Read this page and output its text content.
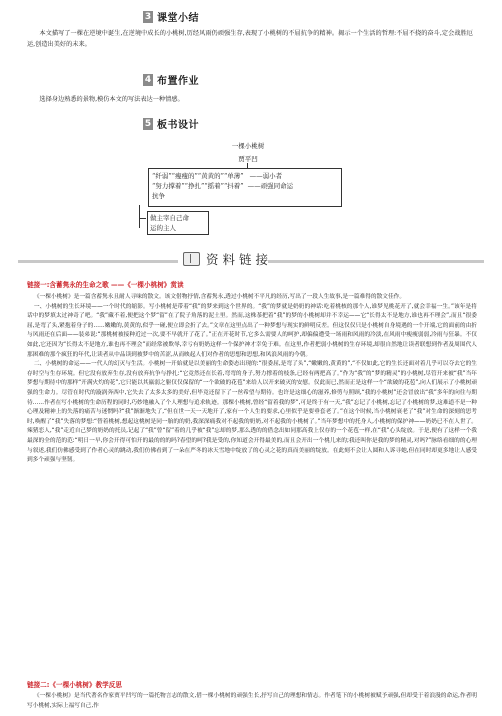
3 课堂小结
本文描写了一棵在逆境中诞生,在逆境中成长的小桃树,历经风雨仍顽强生存,表现了小桃树的不屈抗争的精神。揭示一个生活的哲理:不屈不挠的奋斗,定会战胜厄运,创造出美好的未来。
4 布置作业
选择身边熟悉的景物,模仿本文的写法表达一种情感。
5 板书设计
一棵小桃树
贾平凹
“纤弱”“瘦瘦的”“黄黄的”“单薄” ——弱小者
“努力撑着”“挣扎”“摇着”“抖着” ——顽强同命运
抗争
做主宰自己命
运的主人
资料链接
链接一:含蓄隽永的生命之歌 ——《一棵小桃树》赏读

《一棵小桃树》是一篇含蓄隽永且耐人寻味的散文。该文借物抒情,含蓄隽永,透过小桃树不平凡的经历,写出了一段人生故事,是一篇难得的散文佳作。

一、小桃树的生长环境——一个时代的缩影。写小桃树是带着“我”的梦来到这个世界的。“我”的梦就是奶奶的神话:吃着桃核的那个人,谁梦见桃花开了,就会幸福一生。”该年是将话中的梦填太过神奇了吧。“我”藏不着,便把这个梦“留”在了院子角落的泥土里。然而,这株茶把着“我”的梦的小桃树却并不幸运——它“长得太不是地方,谁也再不理会”,而且“很委屈,是弯了头,紧抱着身子的……嫩嫩的,黄黄的,似乎一碰,便立即会折了去。”文章在这里点出了一种梦想与现实的鲜明反差。但这仅仅只是小桃树自身境遇的一个开端,它的面前的由折与风雨还在后面——装弟说:“那桃树被接种近过一次,要不早就开了花了。”正在开花时节,它多么需要人的呵护,却偏偏遭受一场雨和风雨的冷淡,在风雨中瘦瘦弱弱,冷雨与狂暴。不仅如此,它还因为“长得太不是地方,谁也再不理会”而经常被欺辱,幸亏有奶奶这样一个保护神才幸免于难。在这里,作者把弱小桃树的生存环境,却很自然地让读者联想到作者及周围代人那困难的那个疯狂的年代,让读者从中品读到被梦中的苦涩,从而映起人们对作者的思想和思想,和风浪风雨的今朝。

二、小桃树的命运——一代人的幻灭与生活。小桃树一开始就是以美丽的生命姿态出现的:“很委屈,是弯了头”,“嫩嫩的,黄黄的”,“不仅如此,它的生长还面对着几乎可以夺去它的生存时空与生存环境。但它没有放弃生存,没有放弃抗争与挣扎:“它竟然还在长着,弯弯的身子,努力撑着的枝条,已经有两把高了。”作为“我”的“梦的精灵”的小桃树,尽管开来被“我”当年梦想与期待中的那样“开满火灼的花”,它只能以其羸弱之躯仅仅保留的“一个欲破的花苞”来给人以开来破灭的安慰。仅此而已,然而正是这样一个“欲破的花苞”,向人们展示了小桃树顽强的生命力。尽管在时代的漩涡奔西中,它失去了太多太多的美好,但毕竟还留下了一丝希望与期待。也许是这细心的滋养,修剪与照顾,“我的小桃树”还会冒放出“我”多年的向往与期待……作者在写小桃树的生命历程的同时,巧妙地融入了个人理想与追求轨迹。那棵小桃树,曾经“留着我的梦”,可是终于有一天,“我”忘记了小桃树,忘记了小桃树的梦,这难道不是一种心理及精神上的失落的痛苦与迷惘吗?“我”渐渐地失了,“但在世一天一天地开了,家有一个人生的要求,心里似乎是要垂套老了。”在这个时候,当小桃树衰老了“我”对生命的深刻的思考时,唤醒了“我”失落的梦想:“替着桃树,想起这桃树是同一胎的的奶,我深深痛我对不起我的奶奶,对不起我的小桃树了。”当年梦想中的托身人,小桃树的保护神——奶奶已不在人世了。辣猪恋人,“我”走近自己梦的奶奶的托员,记起了“我”曾“留”着的几乎被“我”忘却的梦,那么透的的借念出如同那高我上仅存的一个花苞一样,在“我”心头绽放。于是,便有了这样一个我最深的全的范的范:“明日一早,你会开得可怕开的最的的的吗?春望的呵?我是受的,你知道会开得最美的,而且会开出一个桃儿来的;我还叫你是我的梦的精灵,对吗?”脉络看细的的心理与叙述,我们仿佛感受到了作者心灵的跳动,我们仿佛看到了一朵在严冬的冰天雪地中绽放了的心灵之花的真而美丽的绽放。在此刻不会让人圆和人诉寻她,但在同时却更多地让人感受到多个顽强与坚韧。

链接二:《一棵小桃树》教学反思

《一棵小桃树》是当代著名作家贾平凹写的一篇托物言志的散文,借一棵小桃树的顽强生长,抒写自己的理想和情志。作者笔下的小桃树被赋予顽强,但却受于着浪漫的命运,作者明写小桃树,实际上福写自己,作
